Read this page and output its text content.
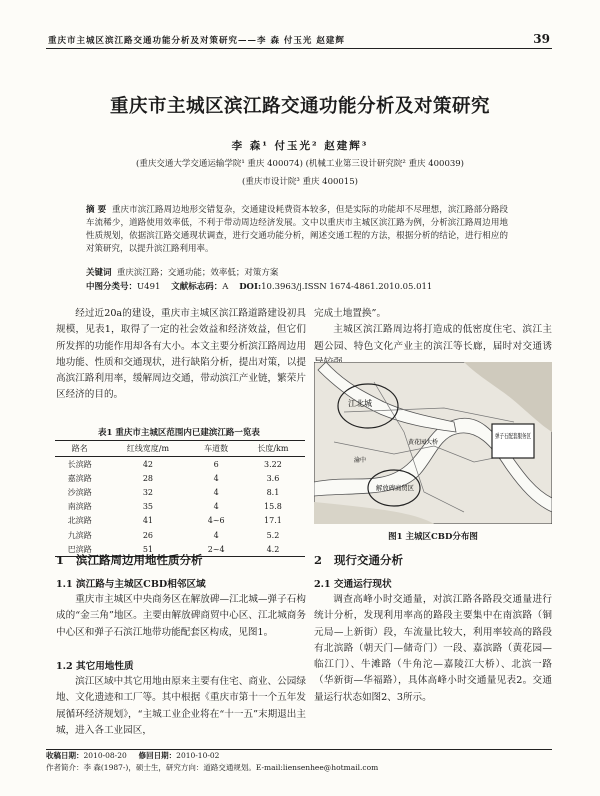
重庆市主城区滨江路交通功能分析及对策研究——李 森 付玉光 赵建辉	39
重庆市主城区滨江路交通功能分析及对策研究
李 森¹ 付玉光² 赵建辉³
(重庆交通大学交通运输学院¹ 重庆 400074) (机械工业第三设计研究院² 重庆 400039)
(重庆市设计院³ 重庆 400015)
摘 要 重庆市滨江路周边地形交错复杂，交通建设耗费资本较多，但是实际的功能却不尽理想，滨江路部分路段车流稀少，道路使用效率低，不利于带动周边经济发展。文中以重庆市主城区滨江路为例，分析滨江路周边用地性质规划，依据滨江路交通现状调查，进行交通功能分析，阐述交通工程的方法，根据分析的结论，进行相应的对策研究，以提升滨江路利用率。
关键词 重庆滨江路；交通功能；效率低；对策方案
中图分类号：U491 文献标志码：A DOI:10.3963/j.ISSN 1674-4861.2010.05.011

经过近20a的建设，重庆市主城区滨江路道路建设初具规模，见表1，取得了一定的社会效益和经济效益，但它们所发挥的功能作用却各有大小。本文主要分析滨江路周边用地功能、性质和交通现状，进行缺陷分析，提出对策，以提高滨江路利用率，缓解周边交通，带动滨江产业链，繁荣片区经济的目的。

表1 重庆市主城区范围内已建滨江路一览表
路名	红线宽度/m	车道数	长度/km
长滨路	42	6	3.22
嘉滨路	28	4	3.6
沙滨路	32	4	8.1
南滨路	35	4	15.8
北滨路	41	4~6	17.1
九滨路	26	4	5.2
巴滨路	51	2~4	4.2
1 滨江路周边用地性质分析
1.1 滨江路与主城区CBD相邻区域

重庆市主城区中央商务区在解放碑—江北城—弹子石构成的“金三角”地区。主要由解放碑商贸中心区、江北城商务中心区和弹子石滨江地带功能配套区构成，见图1。

1.2 其它用地性质

滨江区域中其它用地由原来主要有住宅、商业、公园绿地、文化遗迹和工厂等。其中根据《重庆市第十一个五年发展循环经济规划》，“主城工业企业将在“十一五”末期退出主城，进入各工业园区，

完成土地置换”。

主城区滨江路周边将打造成的低密度住宅、滨江主题公园、特色文化产业主的滨江等长廊，届时对交通诱

江北城
弹子石配套服务区
解放碑商贸区
黄花园大桥
渝中
图1 主城区CBD分布图
2 现行交通分析
2.1 交通运行现状

调查高峰小时交通量，对滨江路各路段交通量进行统计分析，发现利用率高的路段主要集中在南滨路（铜元局—上新街）段，车流量比较大，利用率较高的路段有北滨路（朝天门—储奇门）一段、嘉滨路（黄花园—临江门）、牛滩路（牛角沱—嘉陵江大桥）、北滨一路（华新街—华福路），具体高峰小时交通量见表2。交通量运行状态如图2、3所示。

收稿日期：2010-08-20 修回日期：2010-10-02
作者简介：李 森(1987-)，硕士生，研究方向：道路交通规划。E-mail:liensenhee@hotmail.com
